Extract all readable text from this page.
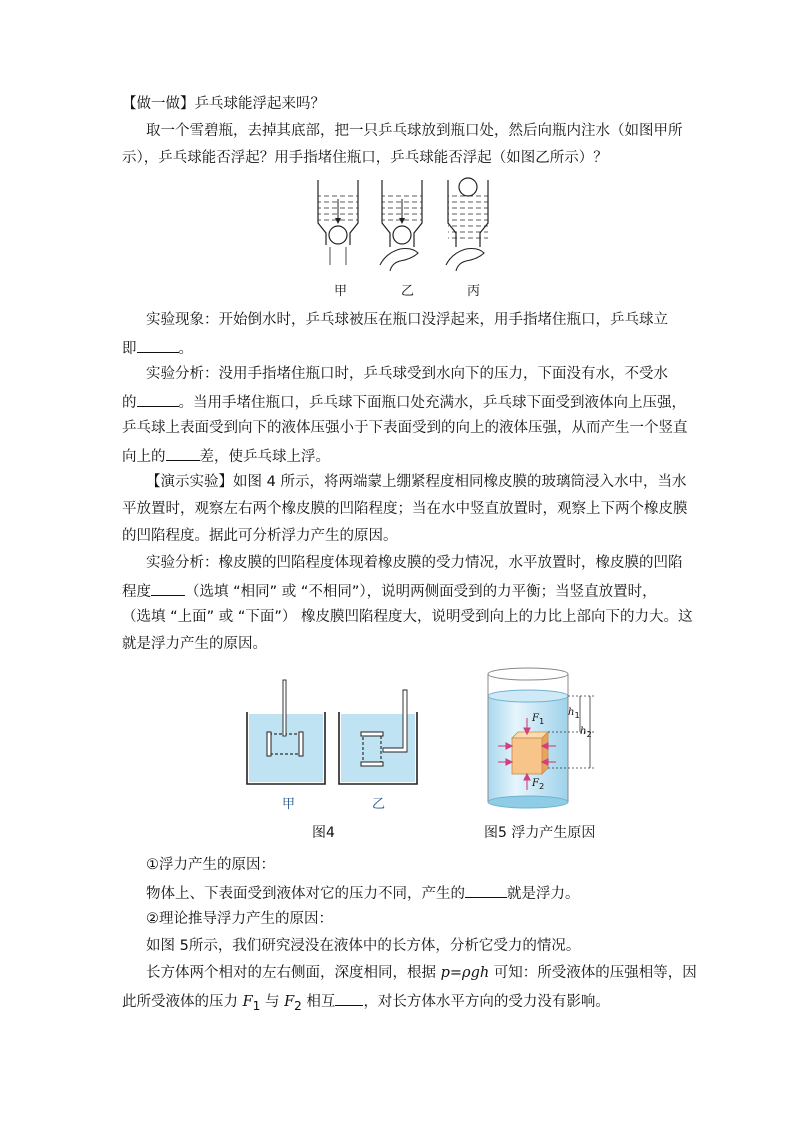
【做一做】乒乓球能浮起来吗？
取一个雪碧瓶，去掉其底部，把一只乒乓球放到瓶口处，然后向瓶内注水（如图甲所
示），乒乓球能否浮起？用手指堵住瓶口，乒乓球能否浮起（如图乙所示）？
甲	乙	丙
实验现象：开始倒水时，乒乓球被压在瓶口没浮起来，用手指堵住瓶口，乒乓球立
即	。
实验分析：没用手指堵住瓶口时，乒乓球受到水向下的压力，下面没有水，不受水
的	。当用手堵住瓶口，乒乓球下面瓶口处充满水，乒乓球下面受到液体向上压强，
乒乓球上表面受到向下的液体压强小于下表面受到的向上的液体压强，从而产生一个竖直
向上的 差，使乒乓球上浮。
【演示实验】如图 4 所示，将两端蒙上绷紧程度相同橡皮膜的玻璃筒浸入水中，当水
平放置时，观察左右两个橡皮膜的凹陷程度；当在水中竖直放置时，观察上下两个橡皮膜
的凹陷程度。据此可分析浮力产生的原因。
实验分析：橡皮膜的凹陷程度体现着橡皮膜的受力情况，水平放置时，橡皮膜的凹陷
程度 （选填 “相同” 或 “不相同”），说明两侧面受到的力平衡；当竖直放置时，
（选填 “上面” 或 “下面”） 橡皮膜凹陷程度大，说明受到向上的力比上部向下的力大。这
就是浮力产生的原因。
甲	乙
图4
$F_1$
$F_2$
$h_1$
$h_2$
图5 浮力产生原因
①浮力产生的原因：
物体上、下表面受到液体对它的压力不同，产生的	就是浮力。
②理论推导浮力产生的原因：
如图 5所示，我们研究浸没在液体中的长方体，分析它受力的情况。
长方体两个相对的左右侧面，深度相同，根据 p=ρgh 可知：所受液体的压强相等，因
此所受液体的压力 $F_1$ 与 $F_2$ 相互 ，对长方体水平方向的受力没有影响。
